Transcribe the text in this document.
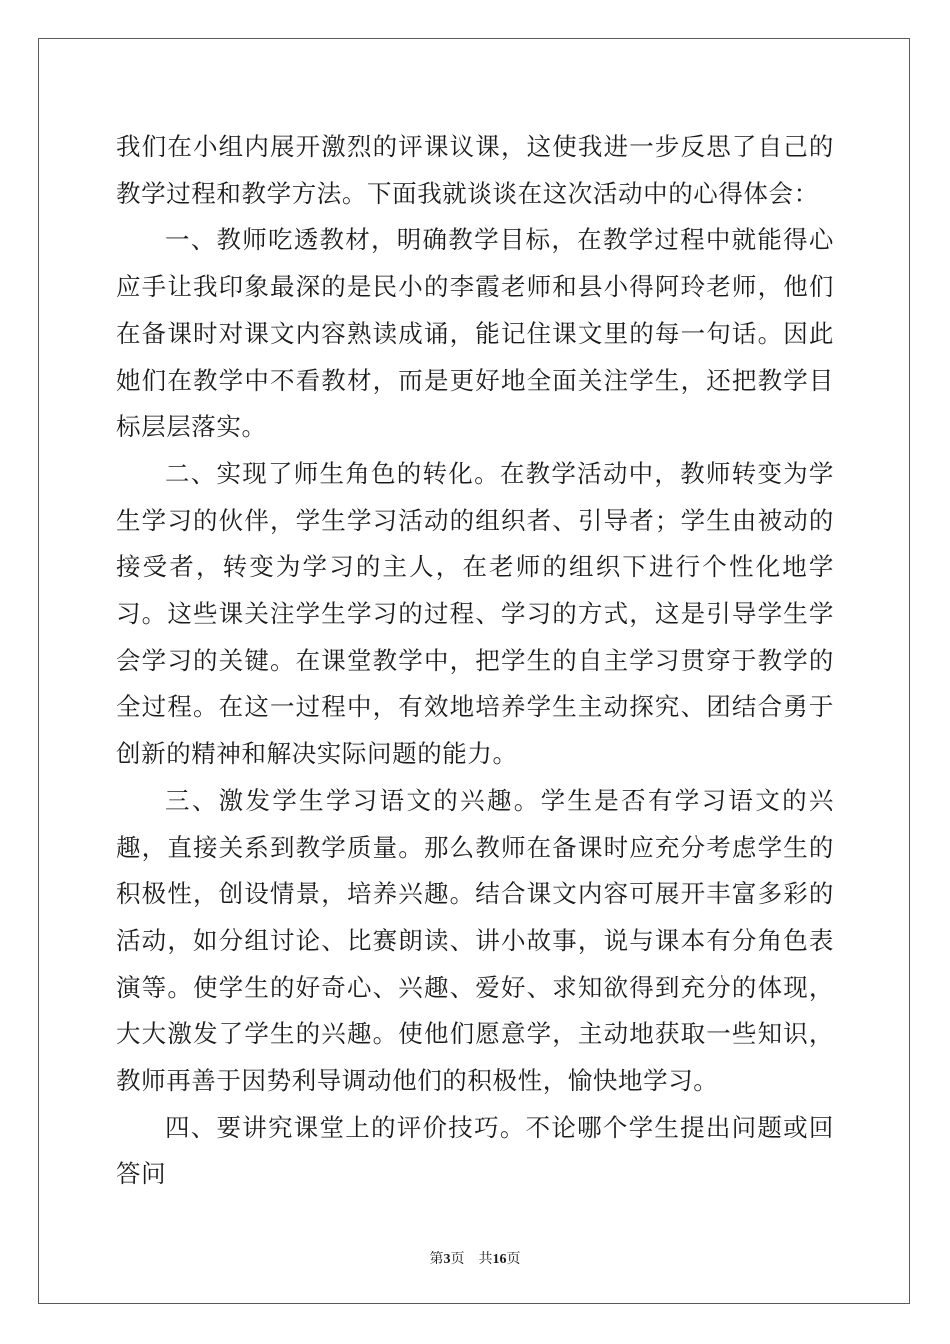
我们在小组内展开激烈的评课议课，这使我进一步反思了自己的教学过程和教学方法。下面我就谈谈在这次活动中的心得体会：

一、教师吃透教材，明确教学目标，在教学过程中就能得心应手让我印象最深的是民小的李霞老师和县小得阿玲老师，他们在备课时对课文内容熟读成诵，能记住课文里的每一句话。因此她们在教学中不看教材，而是更好地全面关注学生，还把教学目标层层落实。

二、实现了师生角色的转化。在教学活动中，教师转变为学生学习的伙伴，学生学习活动的组织者、引导者；学生由被动的接受者，转变为学习的主人，在老师的组织下进行个性化地学习。这些课关注学生学习的过程、学习的方式，这是引导学生学会学习的关键。在课堂教学中，把学生的自主学习贯穿于教学的全过程。在这一过程中，有效地培养学生主动探究、团结合勇于创新的精神和解决实际问题的能力。

三、激发学生学习语文的兴趣。学生是否有学习语文的兴趣，直接关系到教学质量。那么教师在备课时应充分考虑学生的积极性，创设情景，培养兴趣。结合课文内容可展开丰富多彩的活动，如分组讨论、比赛朗读、讲小故事，说与课本有分角色表演等。使学生的好奇心、兴趣、爱好、求知欲得到充分的体现，大大激发了学生的兴趣。使他们愿意学，主动地获取一些知识，教师再善于因势利导调动他们的积极性，愉快地学习。

四、要讲究课堂上的评价技巧。不论哪个学生提出问题或回答问

第3页 共16页
